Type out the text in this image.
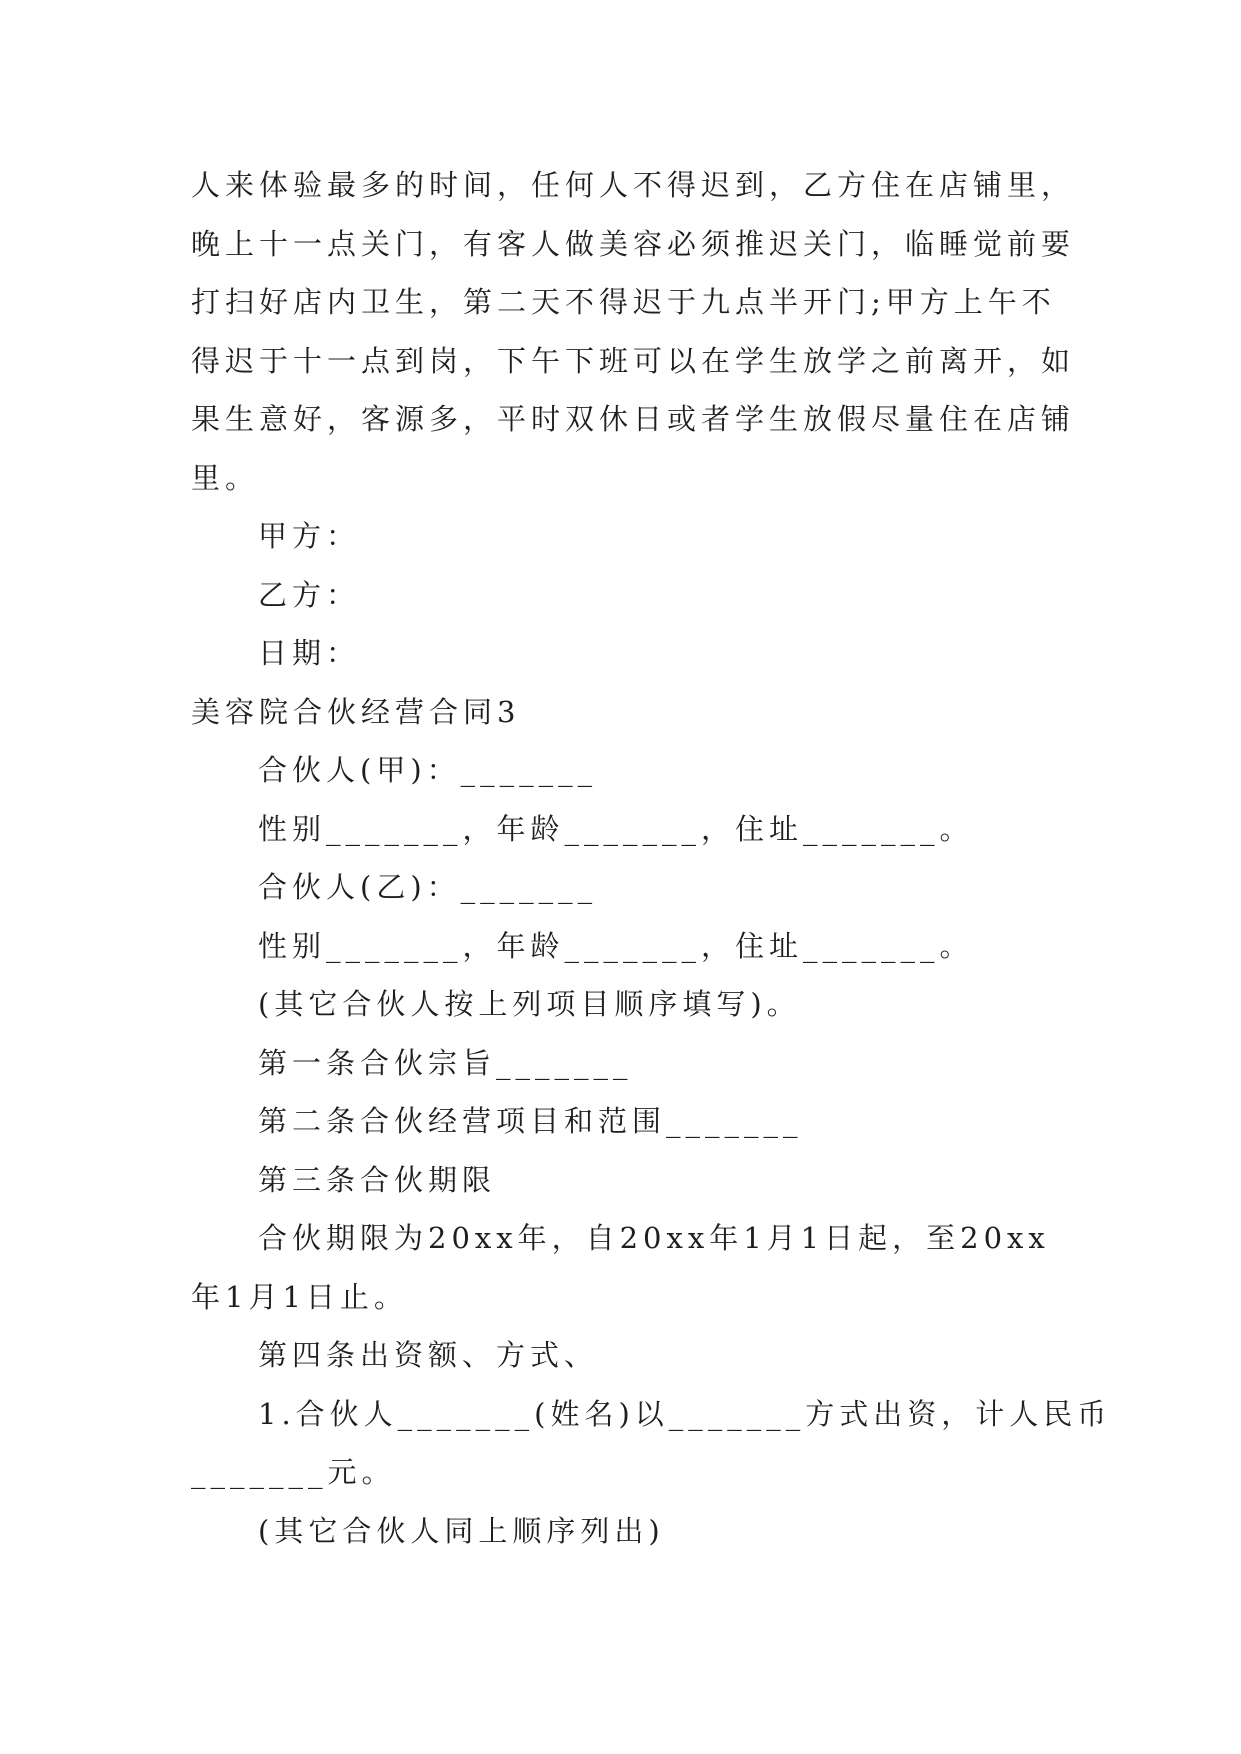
人来体验最多的时间，任何人不得迟到，乙方住在店铺里，
晚上十一点关门，有客人做美容必须推迟关门，临睡觉前要
打扫好店内卫生，第二天不得迟于九点半开门;甲方上午不
得迟于十一点到岗，下午下班可以在学生放学之前离开，如
果生意好，客源多，平时双休日或者学生放假尽量住在店铺
里。
甲方：
乙方：
日期：
美容院合伙经营合同3
合伙人(甲)：_______
性别_______，年龄_______，住址_______。
合伙人(乙)：_______
性别_______，年龄_______，住址_______。
(其它合伙人按上列项目顺序填写)。
第一条合伙宗旨_______
第二条合伙经营项目和范围_______
第三条合伙期限
合伙期限为20xx年，自20xx年1月1日起，至20xx
年1月1日止。
第四条出资额、方式、
1.合伙人_______(姓名)以_______方式出资，计人民币
_______元。
(其它合伙人同上顺序列出)
